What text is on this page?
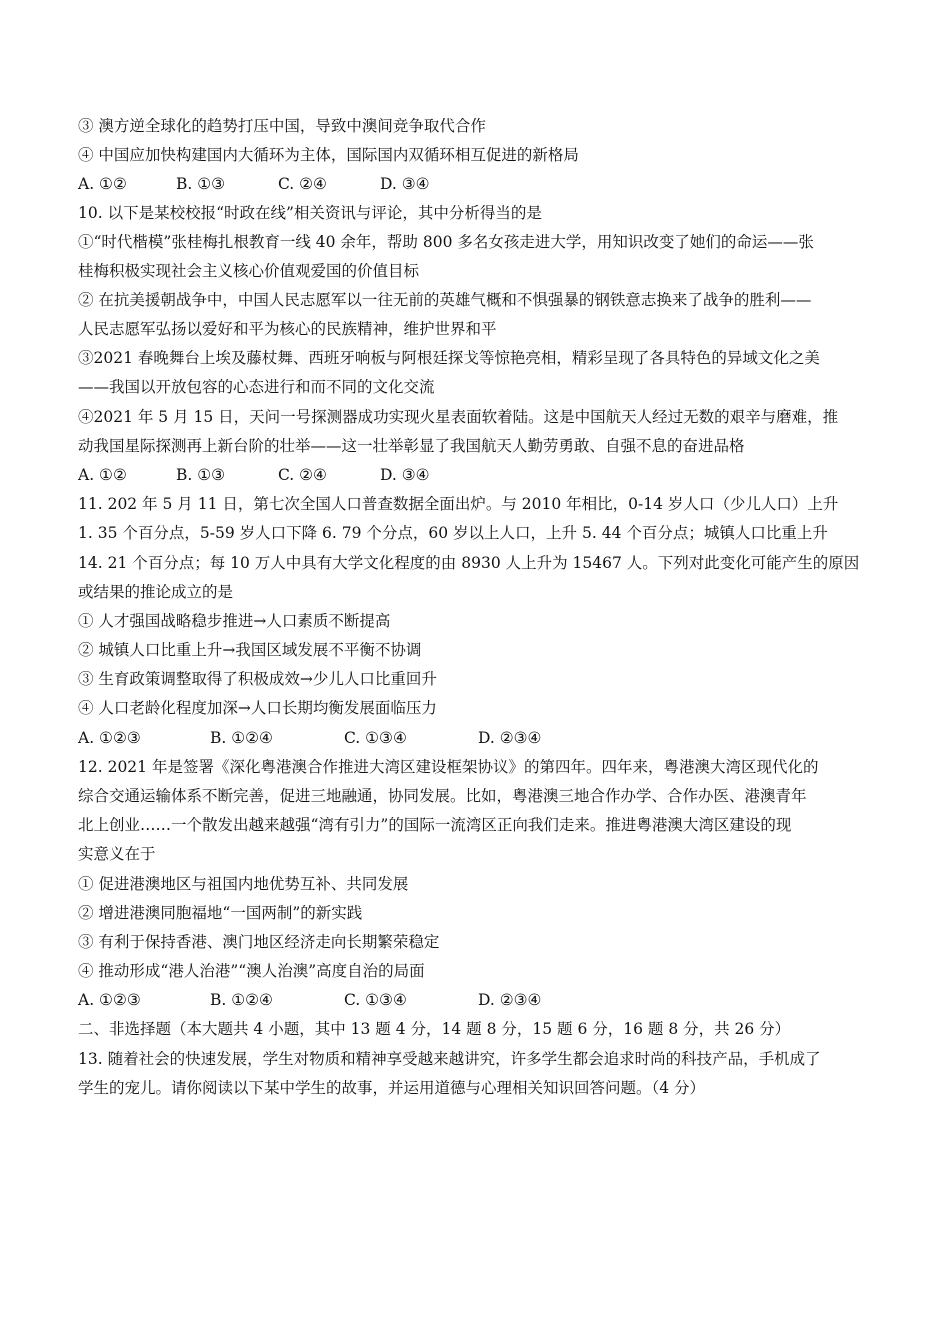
③ 澳方逆全球化的趋势打压中国，导致中澳间竞争取代合作
④ 中国应加快构建国内大循环为主体，国际国内双循环相互促进的新格局
A. ①②	B. ①③	C. ②④	D. ③④
10. 以下是某校校报“时政在线”相关资讯与评论，其中分析得当的是
①“时代楷模”张桂梅扎根教育一线 40 余年，帮助 800 多名女孩走进大学，用知识改变了她们的命运——张
桂梅积极实现社会主义核心价值观爱国的价值目标
② 在抗美援朝战争中，中国人民志愿军以一往无前的英雄气概和不惧强暴的钢铁意志换来了战争的胜利——
人民志愿军弘扬以爱好和平为核心的民族精神，维护世界和平
③2021 春晚舞台上埃及藤杖舞、西班牙响板与阿根廷探戈等惊艳亮相，精彩呈现了各具特色的异域文化之美
——我国以开放包容的心态进行和而不同的文化交流
④2021 年 5 月 15 日，天问一号探测器成功实现火星表面软着陆。这是中国航天人经过无数的艰辛与磨难，推
动我国星际探测再上新台阶的壮举——这一壮举彰显了我国航天人勤劳勇敢、自强不息的奋进品格
A. ①②	B. ①③	C. ②④	D. ③④
11. 202 年 5 月 11 日，第七次全国人口普查数据全面出炉。与 2010 年相比，0-14 岁人口（少儿人口）上升
1. 35 个百分点，5-59 岁人口下降 6. 79 个分点，60 岁以上人口，上升 5. 44 个百分点；城镇人口比重上升
14. 21 个百分点；每 10 万人中具有大学文化程度的由 8930 人上升为 15467 人。下列对此变化可能产生的原因
或结果的推论成立的是
① 人才强国战略稳步推进→人口素质不断提高
② 城镇人口比重上升→我国区域发展不平衡不协调
③ 生育政策调整取得了积极成效→少儿人口比重回升
④ 人口老龄化程度加深→人口长期均衡发展面临压力
A. ①②③	B. ①②④	C. ①③④	D. ②③④
12. 2021 年是签署《深化粤港澳合作推进大湾区建设框架协议》的第四年。四年来，粤港澳大湾区现代化的
综合交通运输体系不断完善，促进三地融通，协同发展。比如，粤港澳三地合作办学、合作办医、港澳青年
北上创业……一个散发出越来越强“湾有引力”的国际一流湾区正向我们走来。推进粤港澳大湾区建设的现
实意义在于
① 促进港澳地区与祖国内地优势互补、共同发展
② 增进港澳同胞福地“一国两制”的新实践
③ 有利于保持香港、澳门地区经济走向长期繁荣稳定
④ 推动形成“港人治港”“澳人治澳”高度自治的局面
A. ①②③	B. ①②④	C. ①③④	D. ②③④
二、非选择题（本大题共 4 小题，其中 13 题 4 分，14 题 8 分，15 题 6 分，16 题 8 分，共 26 分）
13. 随着社会的快速发展，学生对物质和精神享受越来越讲究，许多学生都会追求时尚的科技产品，手机成了
学生的宠儿。请你阅读以下某中学生的故事，并运用道德与心理相关知识回答问题。（4 分）
